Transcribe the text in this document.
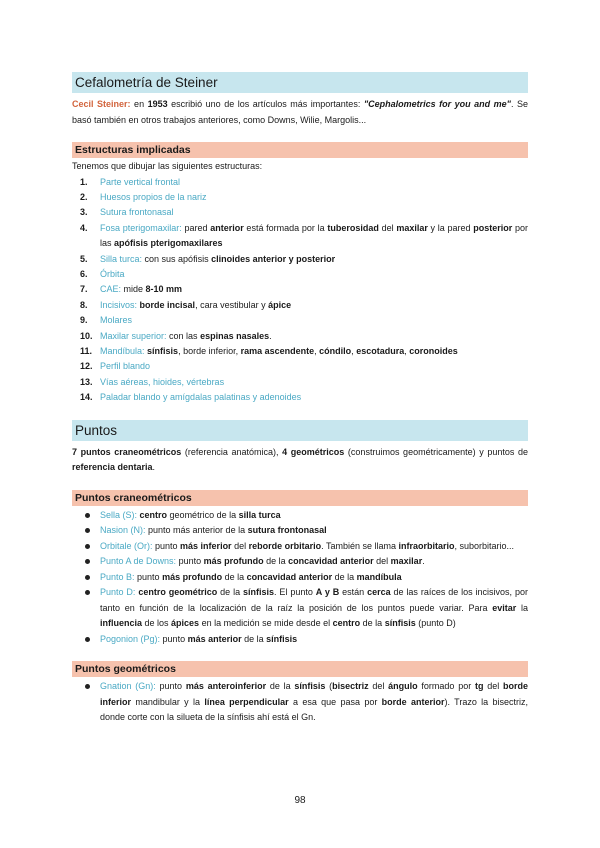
Cefalometría de Steiner

Cecil Steiner: en 1953 escribió uno de los artículos más importantes: "Cephalometrics for you and me". Se basó también en otros trabajos anteriores, como Downs, Wilie, Margolis...

Estructuras implicadas

Tenemos que dibujar las siguientes estructuras:

1. Parte vertical frontal
2. Huesos propios de la nariz
3. Sutura frontonasal
4. Fosa pterigomaxilar: pared anterior está formada por la tuberosidad del maxilar y la pared posterior por las apófisis pterigomaxilares
5. Silla turca: con sus apófisis clinoides anterior y posterior
6. Órbita
7. CAE: mide 8-10 mm
8. Incisivos: borde incisal, cara vestibular y ápice
9. Molares
10. Maxilar superior: con las espinas nasales.
11. Mandíbula: sínfisis, borde inferior, rama ascendente, cóndilo, escotadura, coronoides
12. Perfil blando
13. Vías aéreas, hioides, vértebras
14. Paladar blando y amígdalas palatinas y adenoides
Puntos

7 puntos craneométricos (referencia anatómica), 4 geométricos (construimos geométricamente) y puntos de referencia dentaria.

Puntos craneométricos
Sella (S): centro geométrico de la silla turca
Nasion (N): punto más anterior de la sutura frontonasal
Orbitale (Or): punto más inferior del reborde orbitario. También se llama infraorbitario, suborbitario...
Punto A de Downs: punto más profundo de la concavidad anterior del maxilar.
Punto B: punto más profundo de la concavidad anterior de la mandíbula
Punto D: centro geométrico de la sínfisis. El punto A y B están cerca de las raíces de los incisivos, por tanto en función de la localización de la raíz la posición de los puntos puede variar. Para evitar la influencia de los ápices en la medición se mide desde el centro de la sínfisis (punto D)
Pogonion (Pg): punto más anterior de la sínfisis
Puntos geométricos
Gnation (Gn): punto más anteroinferior de la sínfisis (bisectriz del ángulo formado por tg del borde inferior mandibular y la línea perpendicular a esa que pasa por borde anterior). Trazo la bisectriz, donde corte con la silueta de la sínfisis ahí está el Gn.
98
